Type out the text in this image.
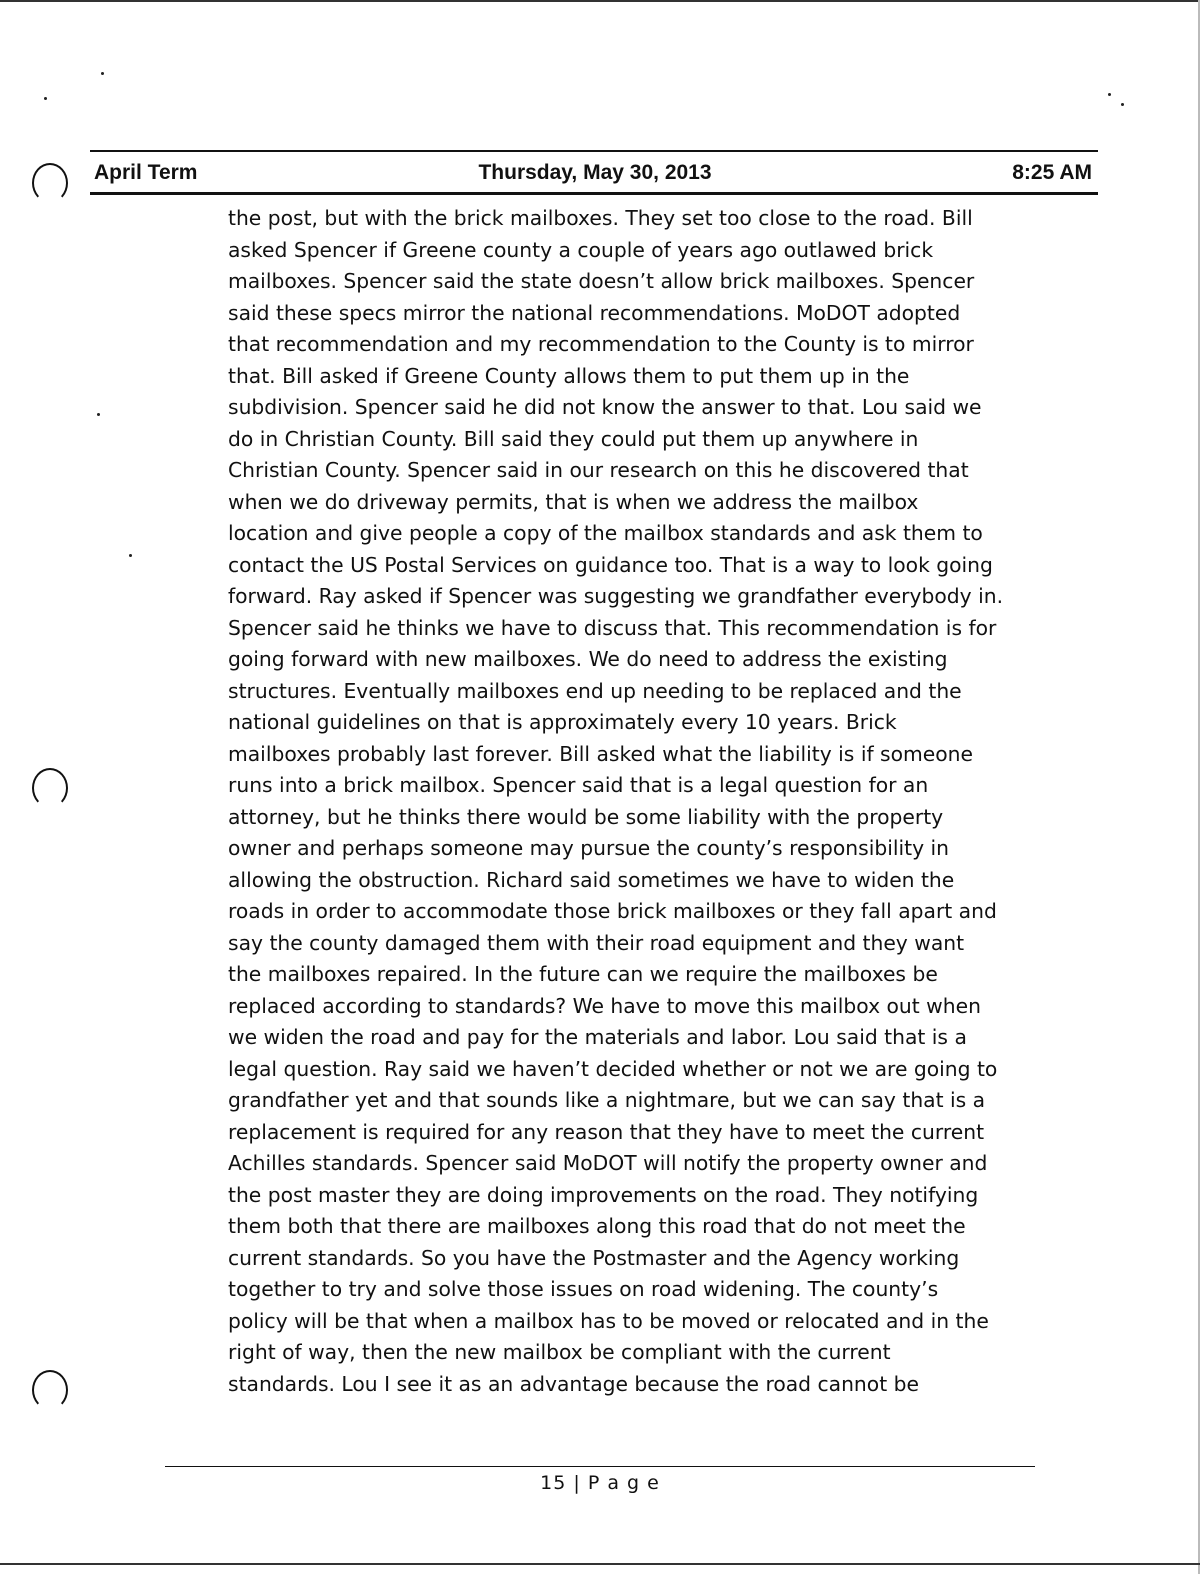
April Term	Thursday, May 30, 2013	8:25 AM
the post, but with the brick mailboxes. They set too close to the road. Bill
asked Spencer if Greene county a couple of years ago outlawed brick
mailboxes. Spencer said the state doesn’t allow brick mailboxes. Spencer
said these specs mirror the national recommendations. MoDOT adopted
that recommendation and my recommendation to the County is to mirror
that. Bill asked if Greene County allows them to put them up in the
subdivision. Spencer said he did not know the answer to that. Lou said we
do in Christian County. Bill said they could put them up anywhere in
Christian County. Spencer said in our research on this he discovered that
when we do driveway permits, that is when we address the mailbox
location and give people a copy of the mailbox standards and ask them to
contact the US Postal Services on guidance too. That is a way to look going
forward. Ray asked if Spencer was suggesting we grandfather everybody in.
Spencer said he thinks we have to discuss that. This recommendation is for
going forward with new mailboxes. We do need to address the existing
structures. Eventually mailboxes end up needing to be replaced and the
national guidelines on that is approximately every 10 years. Brick
mailboxes probably last forever. Bill asked what the liability is if someone
runs into a brick mailbox. Spencer said that is a legal question for an
attorney, but he thinks there would be some liability with the property
owner and perhaps someone may pursue the county’s responsibility in
allowing the obstruction. Richard said sometimes we have to widen the
roads in order to accommodate those brick mailboxes or they fall apart and
say the county damaged them with their road equipment and they want
the mailboxes repaired. In the future can we require the mailboxes be
replaced according to standards? We have to move this mailbox out when
we widen the road and pay for the materials and labor. Lou said that is a
legal question. Ray said we haven’t decided whether or not we are going to
grandfather yet and that sounds like a nightmare, but we can say that is a
replacement is required for any reason that they have to meet the current
Achilles standards. Spencer said MoDOT will notify the property owner and
the post master they are doing improvements on the road. They notifying
them both that there are mailboxes along this road that do not meet the
current standards. So you have the Postmaster and the Agency working
together to try and solve those issues on road widening. The county’s
policy will be that when a mailbox has to be moved or relocated and in the
right of way, then the new mailbox be compliant with the current
standards. Lou I see it as an advantage because the road cannot be
15 | P a g e
